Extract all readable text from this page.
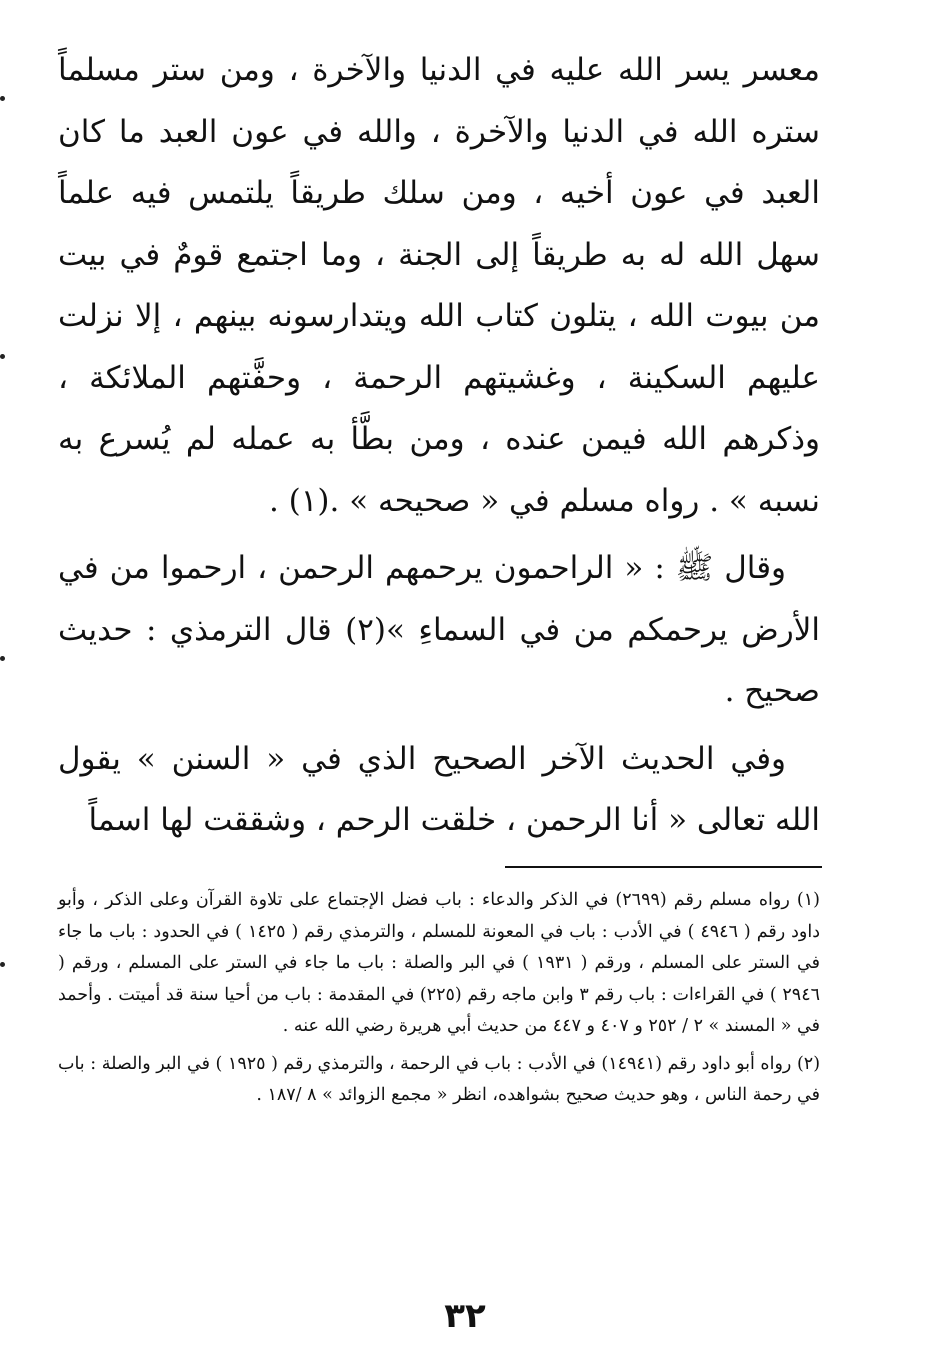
معسر يسر الله عليه في الدنيا والآخرة ، ومن ستر مسلماً ستره الله في الدنيا والآخرة ، والله في عون العبد ما كان العبد في عون أخيه ، ومن سلك طريقاً يلتمس فيه علماً سهل الله له به طريقاً إلى الجنة ، وما اجتمع قومٌ في بيت من بيوت الله ، يتلون كتاب الله ويتدارسونه بينهم ، إلا نزلت عليهم السكينة ، وغشيتهم الرحمة ، وحفَّتهم الملائكة ، وذكرهم الله فيمن عنده ، ومن بطَّأ به عمله لم يُسرع به نسبه » . رواه مسلم في « صحيحه » .(١) .

وقال ﷺ : « الراحمون يرحمهم الرحمن ، ارحموا من في الأرض يرحمكم من في السماءِ »(٢) قال الترمذي : حديث صحيح .

وفي الحديث الآخر الصحيح الذي في « السنن » يقول الله تعالى « أنا الرحمن ، خلقت الرحم ، وشققت لها اسماً

(١) رواه مسلم رقم (٢٦٩٩) في الذكر والدعاء : باب فضل الإجتماع على تلاوة القرآن وعلى الذكر ، وأبو داود رقم ( ٤٩٤٦ ) في الأدب : باب في المعونة للمسلم ، والترمذي رقم ( ١٤٢٥ ) في الحدود : باب ما جاء في الستر على المسلم ، ورقم ( ١٩٣١ ) في البر والصلة : باب ما جاء في الستر على المسلم ، ورقم ( ٢٩٤٦ ) في القراءات : باب رقم ٣ وابن ماجه رقم (٢٢٥) في المقدمة : باب من أحيا سنة قد أميتت . وأحمد في « المسند » ٢ / ٢٥٢ و ٤٠٧ و ٤٤٧ من حديث أبي هريرة رضي الله عنه .

(٢) رواه أبو داود رقم (١٤٩٤١) في الأدب : باب في الرحمة ، والترمذي رقم ( ١٩٢٥ ) في البر والصلة : باب في رحمة الناس ، وهو حديث صحيح بشواهده، انظر « مجمع الزوائد » ٨ /١٨٧ .

٣٢
